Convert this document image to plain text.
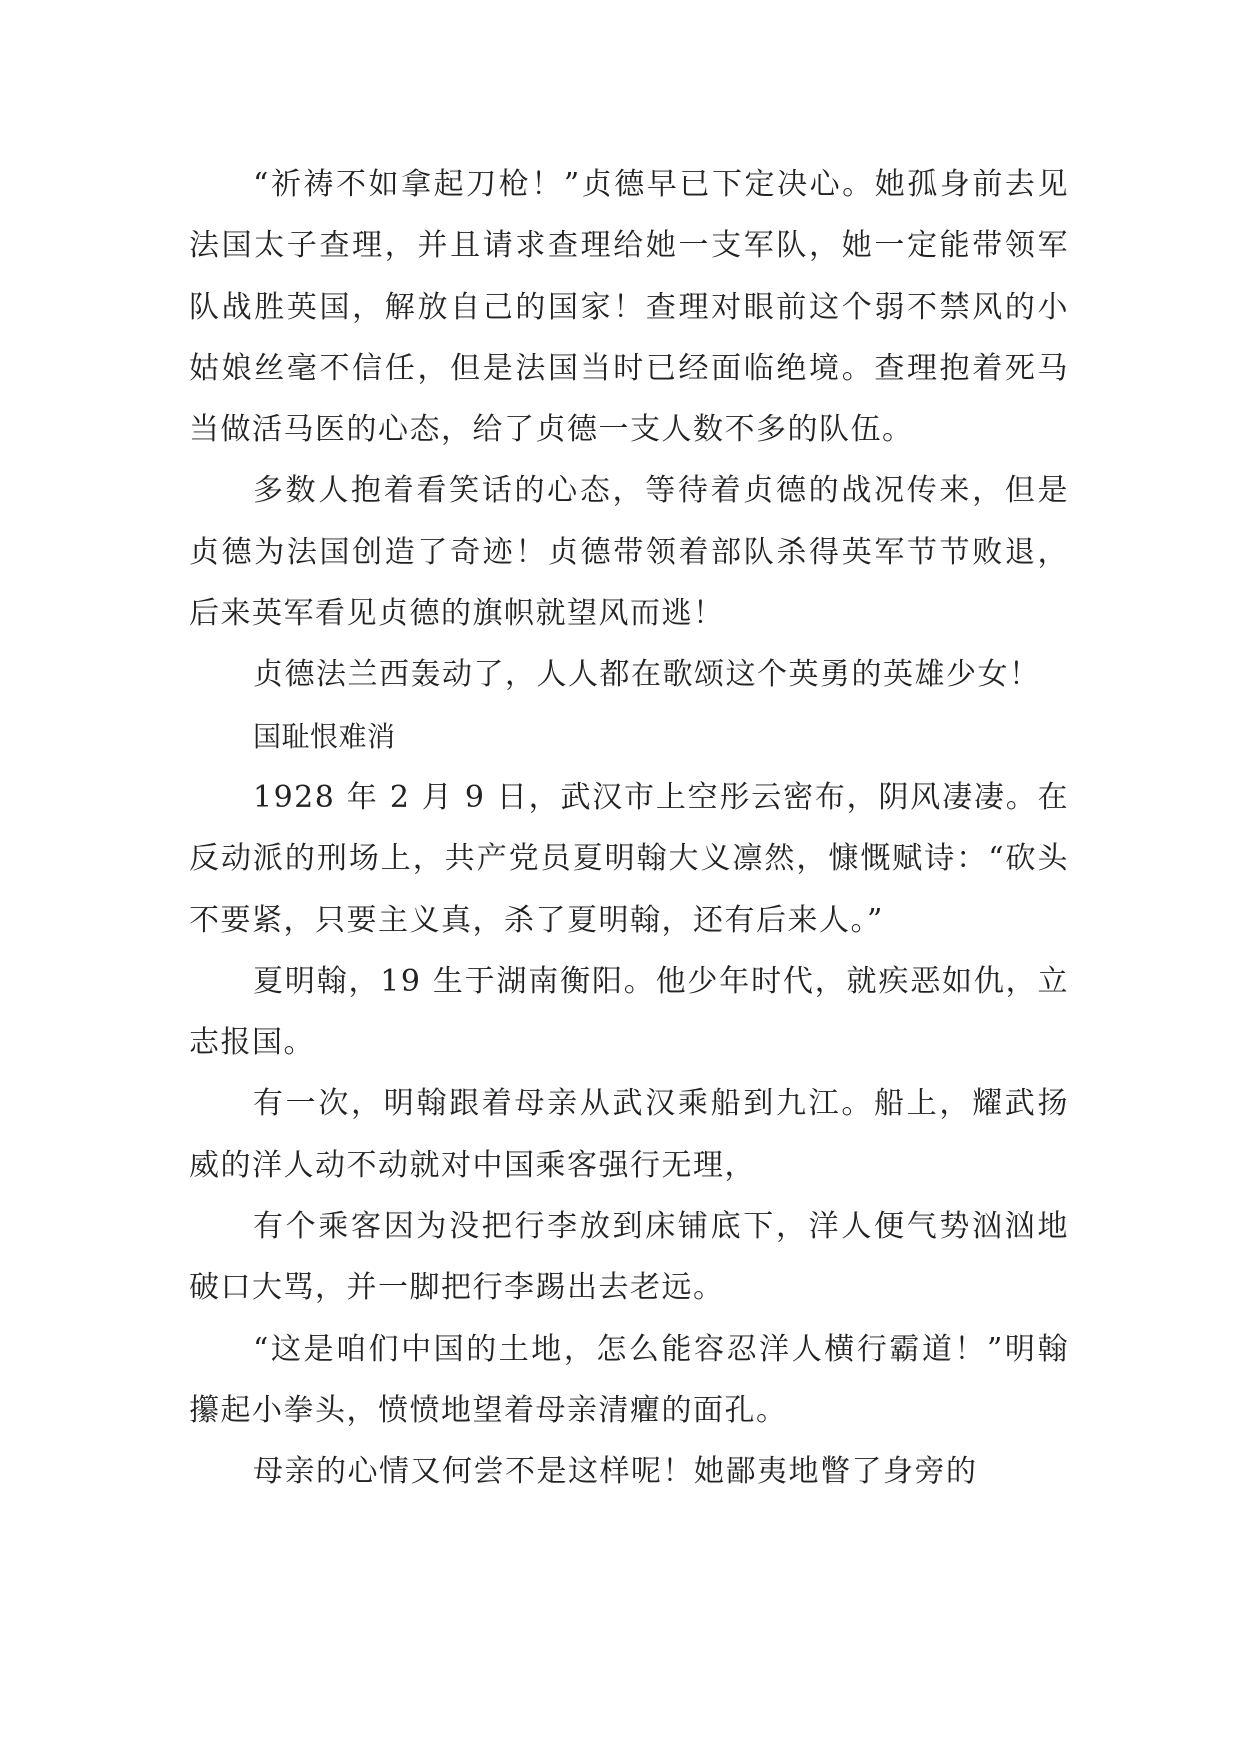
“祈祷不如拿起刀枪！”贞德早已下定决心。她孤身前去见法国太子查理，并且请求查理给她一支军队，她一定能带领军队战胜英国，解放自己的国家！查理对眼前这个弱不禁风的小姑娘丝毫不信任，但是法国当时已经面临绝境。查理抱着死马当做活马医的心态，给了贞德一支人数不多的队伍。

多数人抱着看笑话的心态，等待着贞德的战况传来，但是贞德为法国创造了奇迹！贞德带领着部队杀得英军节节败退，后来英军看见贞德的旗帜就望风而逃！

贞德法兰西轰动了，人人都在歌颂这个英勇的英雄少女！

国耻恨难消

1928 年 2 月 9 日，武汉市上空彤云密布，阴风凄凄。在反动派的刑场上，共产党员夏明翰大义凛然，慷慨赋诗：“砍头不要紧，只要主义真，杀了夏明翰，还有后来人。”

夏明翰，19 生于湖南衡阳。他少年时代，就疾恶如仇，立志报国。

有一次，明翰跟着母亲从武汉乘船到九江。船上，耀武扬威的洋人动不动就对中国乘客强行无理，

有个乘客因为没把行李放到床铺底下，洋人便气势汹汹地破口大骂，并一脚把行李踢出去老远。

“这是咱们中国的土地，怎么能容忍洋人横行霸道！”明翰攥起小拳头，愤愤地望着母亲清癯的面孔。

母亲的心情又何尝不是这样呢！她鄙夷地瞥了身旁的
